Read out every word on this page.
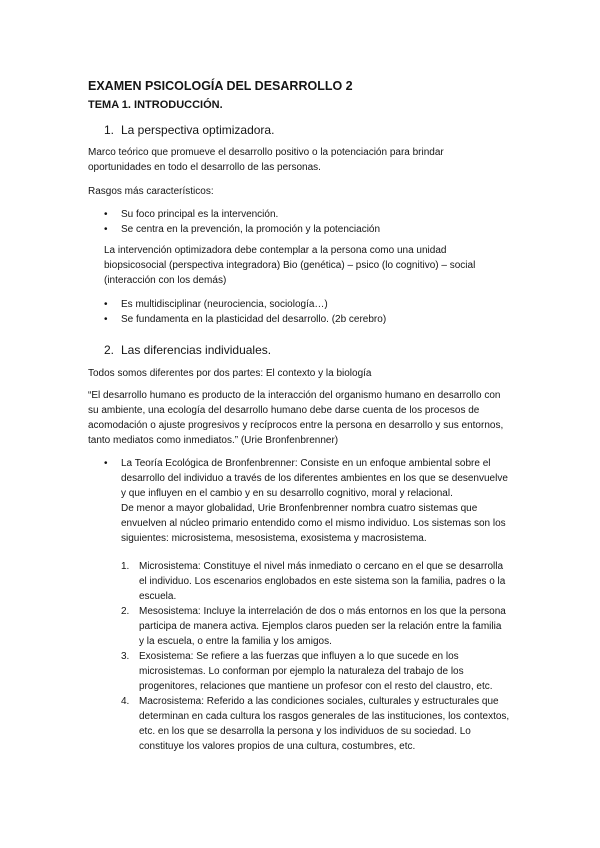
EXAMEN PSICOLOGÍA DEL DESARROLLO 2
TEMA 1. INTRODUCCIÓN.
1. La perspectiva optimizadora.
Marco teórico que promueve el desarrollo positivo o la potenciación para brindar
oportunidades en todo el desarrollo de las personas.
Rasgos más característicos:
• Su foco principal es la intervención.
• Se centra en la prevención, la promoción y la potenciación
La intervención optimizadora debe contemplar a la persona como una unidad
biopsicosocial (perspectiva integradora) Bio (genética) – psico (lo cognitivo) – social
(interacción con los demás)
• Es multidisciplinar (neurociencia, sociología…)
• Se fundamenta en la plasticidad del desarrollo. (2b cerebro)
2. Las diferencias individuales.
Todos somos diferentes por dos partes: El contexto y la biología
“El desarrollo humano es producto de la interacción del organismo humano en desarrollo con
su ambiente, una ecología del desarrollo humano debe darse cuenta de los procesos de
acomodación o ajuste progresivos y recíprocos entre la persona en desarrollo y sus entornos,
tanto mediatos como inmediatos.” (Urie Bronfenbrenner)
• La Teoría Ecológica de Bronfenbrenner: Consiste en un enfoque ambiental sobre el
desarrollo del individuo a través de los diferentes ambientes en los que se desenvuelve
y que influyen en el cambio y en su desarrollo cognitivo, moral y relacional.
De menor a mayor globalidad, Urie Bronfenbrenner nombra cuatro sistemas que
envuelven al núcleo primario entendido como el mismo individuo. Los sistemas son los
siguientes: microsistema, mesosistema, exosistema y macrosistema.
1. Microsistema: Constituye el nivel más inmediato o cercano en el que se desarrolla
el individuo. Los escenarios englobados en este sistema son la familia, padres o la
escuela.
2. Mesosistema: Incluye la interrelación de dos o más entornos en los que la persona
participa de manera activa. Ejemplos claros pueden ser la relación entre la familia
y la escuela, o entre la familia y los amigos.
3. Exosistema: Se refiere a las fuerzas que influyen a lo que sucede en los
microsistemas. Lo conforman por ejemplo la naturaleza del trabajo de los
progenitores, relaciones que mantiene un profesor con el resto del claustro, etc.
4. Macrosistema: Referido a las condiciones sociales, culturales y estructurales que
determinan en cada cultura los rasgos generales de las instituciones, los contextos,
etc. en los que se desarrolla la persona y los individuos de su sociedad. Lo
constituye los valores propios de una cultura, costumbres, etc.
